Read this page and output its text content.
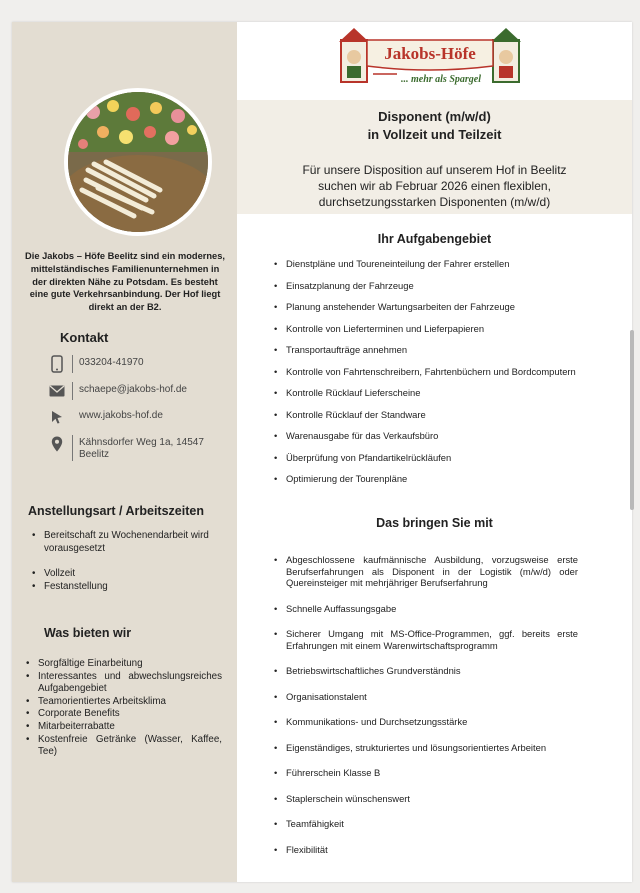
Die Jakobs – Höfe Beelitz sind ein modernes,
mittelständisches Familienunternehmen in
der direkten Nähe zu Potsdam. Es besteht
eine gute Verkehrsanbindung. Der Hof liegt
direkt an der B2.
Kontakt
033204-41970
schaepe@jakobs-hof.de
www.jakobs-hof.de
Kähnsdorfer Weg 1a, 14547
Beelitz
Anstellungsart / Arbeitszeiten
• Bereitschaft zu Wochenendarbeit wird
vorausgesetzt
• Vollzeit
• Festanstellung
Was bieten wir
• Sorgfältige Einarbeitung
• Interessantes und abwechslungsreiches Aufgabengebiet
• Teamorientiertes Arbeitsklima
• Corporate Benefits
• Mitarbeiterrabatte
• Kostenfreie Getränke (Wasser, Kaffee, Tee)
Jakobs-Höfe
... mehr als Spargel
Disponent (m/w/d)
in Vollzeit und Teilzeit
Für unsere Disposition auf unserem Hof in Beelitz
suchen wir ab Februar 2026 einen flexiblen,
durchsetzungsstarken Disponenten (m/w/d)
Ihr Aufgabengebiet
• Dienstpläne und Toureneinteilung der Fahrer erstellen
• Einsatzplanung der Fahrzeuge
• Planung anstehender Wartungsarbeiten der Fahrzeuge
• Kontrolle von Lieferterminen und Lieferpapieren
• Transportaufträge annehmen
• Kontrolle von Fahrtenschreibern, Fahrtenbüchern und Bordcomputern
• Kontrolle Rücklauf Lieferscheine
• Kontrolle Rücklauf der Standware
• Warenausgabe für das Verkaufsbüro
• Überprüfung von Pfandartikelrückläufen
• Optimierung der Tourenpläne
Das bringen Sie mit
• Abgeschlossene kaufmännische Ausbildung, vorzugsweise erste Berufserfahrungen als Disponent in der Logistik (m/w/d) oder Quereinsteiger mit mehrjähriger Berufserfahrung
• Schnelle Auffassungsgabe
• Sicherer Umgang mit MS-Office-Programmen, ggf. bereits erste Erfahrungen mit einem Warenwirtschaftsprogramm
• Betriebswirtschaftliches Grundverständnis
• Organisationstalent
• Kommunikations- und Durchsetzungsstärke
• Eigenständiges, strukturiertes und lösungsorientiertes Arbeiten
• Führerschein Klasse B
• Staplerschein wünschenswert
• Teamfähigkeit
• Flexibilität
